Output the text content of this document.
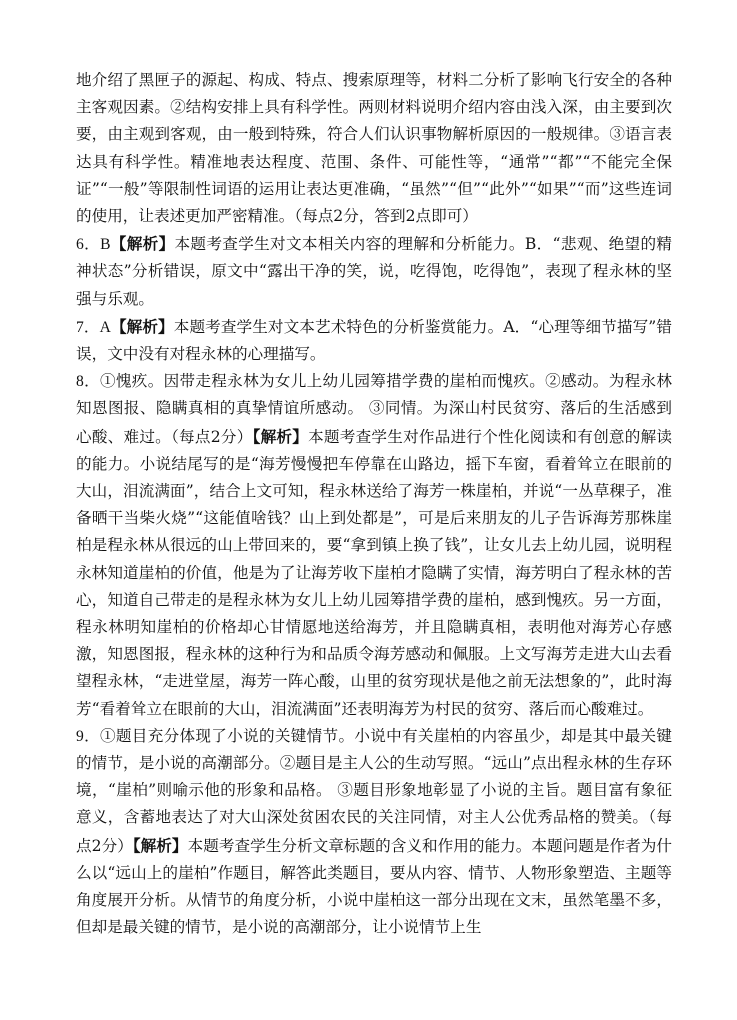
地介绍了黑匣子的源起、构成、特点、搜索原理等，材料二分析了影响飞行安全的各种主客观因素。②结构安排上具有科学性。两则材料说明介绍内容由浅入深，由主要到次要，由主观到客观，由一般到特殊，符合人们认识事物解析原因的一般规律。③语言表达具有科学性。精准地表达程度、范围、条件、可能性等，“通常”“都”“不能完全保证”“一般”等限制性词语的运用让表达更准确，“虽然”“但”“此外”“如果”“而”这些连词的使用，让表述更加严密精准。（每点2分，答到2点即可）

6．B【解析】本题考查学生对文本相关内容的理解和分析能力。B．“悲观、绝望的精神状态”分析错误，原文中“露出干净的笑，说，吃得饱，吃得饱”，表现了程永林的坚强与乐观。

7．A【解析】本题考查学生对文本艺术特色的分析鉴赏能力。A．“心理等细节描写”错误，文中没有对程永林的心理描写。

8．①愧疚。因带走程永林为女儿上幼儿园筹措学费的崖柏而愧疚。②感动。为程永林知恩图报、隐瞒真相的真挚情谊所感动。 ③同情。为深山村民贫穷、落后的生活感到心酸、难过。（每点2分）【解析】本题考查学生对作品进行个性化阅读和有创意的解读的能力。小说结尾写的是“海芳慢慢把车停靠在山路边，摇下车窗，看着耸立在眼前的大山，泪流满面”，结合上文可知，程永林送给了海芳一株崖柏，并说“一丛草稞子，准备晒干当柴火烧”“这能值啥钱？山上到处都是”，可是后来朋友的儿子告诉海芳那株崖柏是程永林从很远的山上带回来的，要“拿到镇上换了钱”，让女儿去上幼儿园，说明程永林知道崖柏的价值，他是为了让海芳收下崖柏才隐瞒了实情，海芳明白了程永林的苦心，知道自己带走的是程永林为女儿上幼儿园筹措学费的崖柏，感到愧疚。另一方面，程永林明知崖柏的价格却心甘情愿地送给海芳，并且隐瞒真相，表明他对海芳心存感激，知恩图报，程永林的这种行为和品质令海芳感动和佩服。上文写海芳走进大山去看望程永林，“走进堂屋，海芳一阵心酸，山里的贫穷现状是他之前无法想象的”，此时海芳“看着耸立在眼前的大山，泪流满面”还表明海芳为村民的贫穷、落后而心酸难过。

9．①题目充分体现了小说的关键情节。小说中有关崖柏的内容虽少，却是其中最关键的情节，是小说的高潮部分。②题目是主人公的生动写照。“远山”点出程永林的生存环境，“崖柏”则喻示他的形象和品格。 ③题目形象地彰显了小说的主旨。题目富有象征意义，含蓄地表达了对大山深处贫困农民的关注同情，对主人公优秀品格的赞美。（每点2分）【解析】本题考查学生分析文章标题的含义和作用的能力。本题问题是作者为什么以“远山上的崖柏”作题目，解答此类题目，要从内容、情节、人物形象塑造、主题等角度展开分析。从情节的角度分析，小说中崖柏这一部分出现在文末，虽然笔墨不多，但却是最关键的情节，是小说的高潮部分，让小说情节上生
